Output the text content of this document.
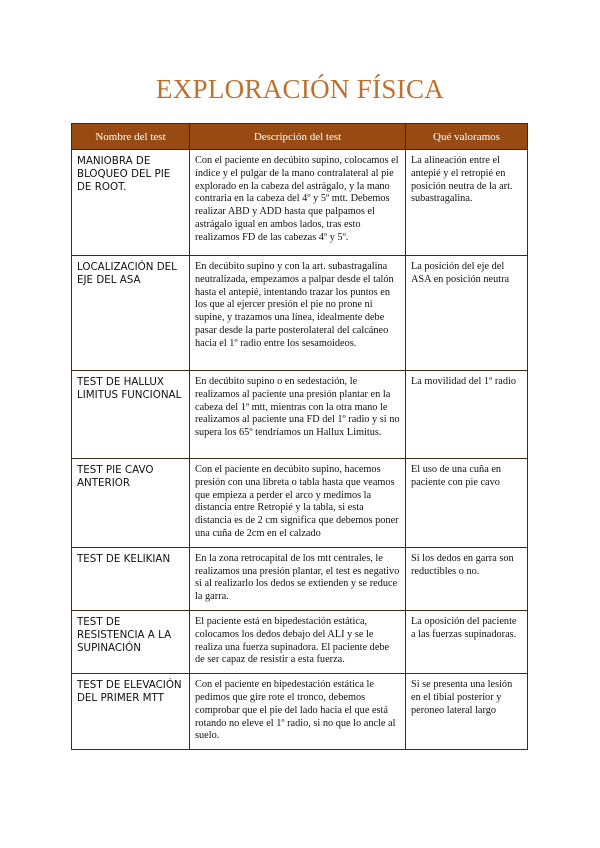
EXPLORACIÓN FÍSICA
Nombre del test	Descripción del test	Qué valoramos
MANIOBRA DE BLOQUEO DEL PIE DE ROOT.	Con el paciente en decúbito supino, colocamos el índice y el pulgar de la mano contralateral al pie explorado en la cabeza del astrágalo, y la mano contraria en la cabeza del 4º y 5º mtt. Debemos realizar ABD y ADD hasta que palpamos el astrágalo igual en ambos lados, tras esto realizamos FD de las cabezas 4º y 5º.	La alineación entre el antepié y el retropié en posición neutra de la art. subastragalina.
LOCALIZACIÓN DEL EJE DEL ASA	En decúbito supino y con la art. subastragalina neutralizada, empezamos a palpar desde el talón hasta el antepié, intentando trazar los puntos en los que al ejercer presión el pie no prone ni supine, y trazamos una línea, idealmente debe pasar desde la parte posterolateral del calcáneo hacia el 1º radio entre los sesamoideos.	La posición del eje del ASA en posición neutra
TEST DE HALLUX LIMITUS FUNCIONAL	En decúbito supino o en sedestación, le realizamos al paciente una presión plantar en la cabeza del 1º mtt, mientras con la otra mano le realizamos al paciente una FD del 1º radio y si no supera los 65º tendríamos un Hallux Limitus.	La movilidad del 1º radio
TEST PIE CAVO ANTERIOR	Con el paciente en decúbito supino, hacemos presión con una libreta o tabla hasta que veamos que empieza a perder el arco y medimos la distancia entre Retropié y la tabla, si esta distancia es de 2 cm significa que debemos poner una cuña de 2cm en el calzado	El uso de una cuña en paciente con pie cavo
TEST DE KELIKIAN	En la zona retrocapital de los mtt centrales, le realizamos una presión plantar, el test es negativo si al realizarlo los dedos se extienden y se reduce la garra.	Si los dedos en garra son reductibles o no.
TEST DE RESISTENCIA A LA SUPINACIÓN	El paciente está en bipedestación estática, colocamos los dedos debajo del ALI y se le realiza una fuerza supinadora. El paciente debe de ser capaz de resistir a esta fuerza.	La oposición del paciente a las fuerzas supinadoras.
TEST DE ELEVACIÓN DEL PRIMER MTT	Con el paciente en bipedestación estática le pedimos que gire rote el tronco, debemos comprobar que el pie del lado hacia el que está rotando no eleve el 1º radio, si no que lo ancle al suelo.	Si se presenta una lesión en el tibial posterior y peroneo lateral largo
